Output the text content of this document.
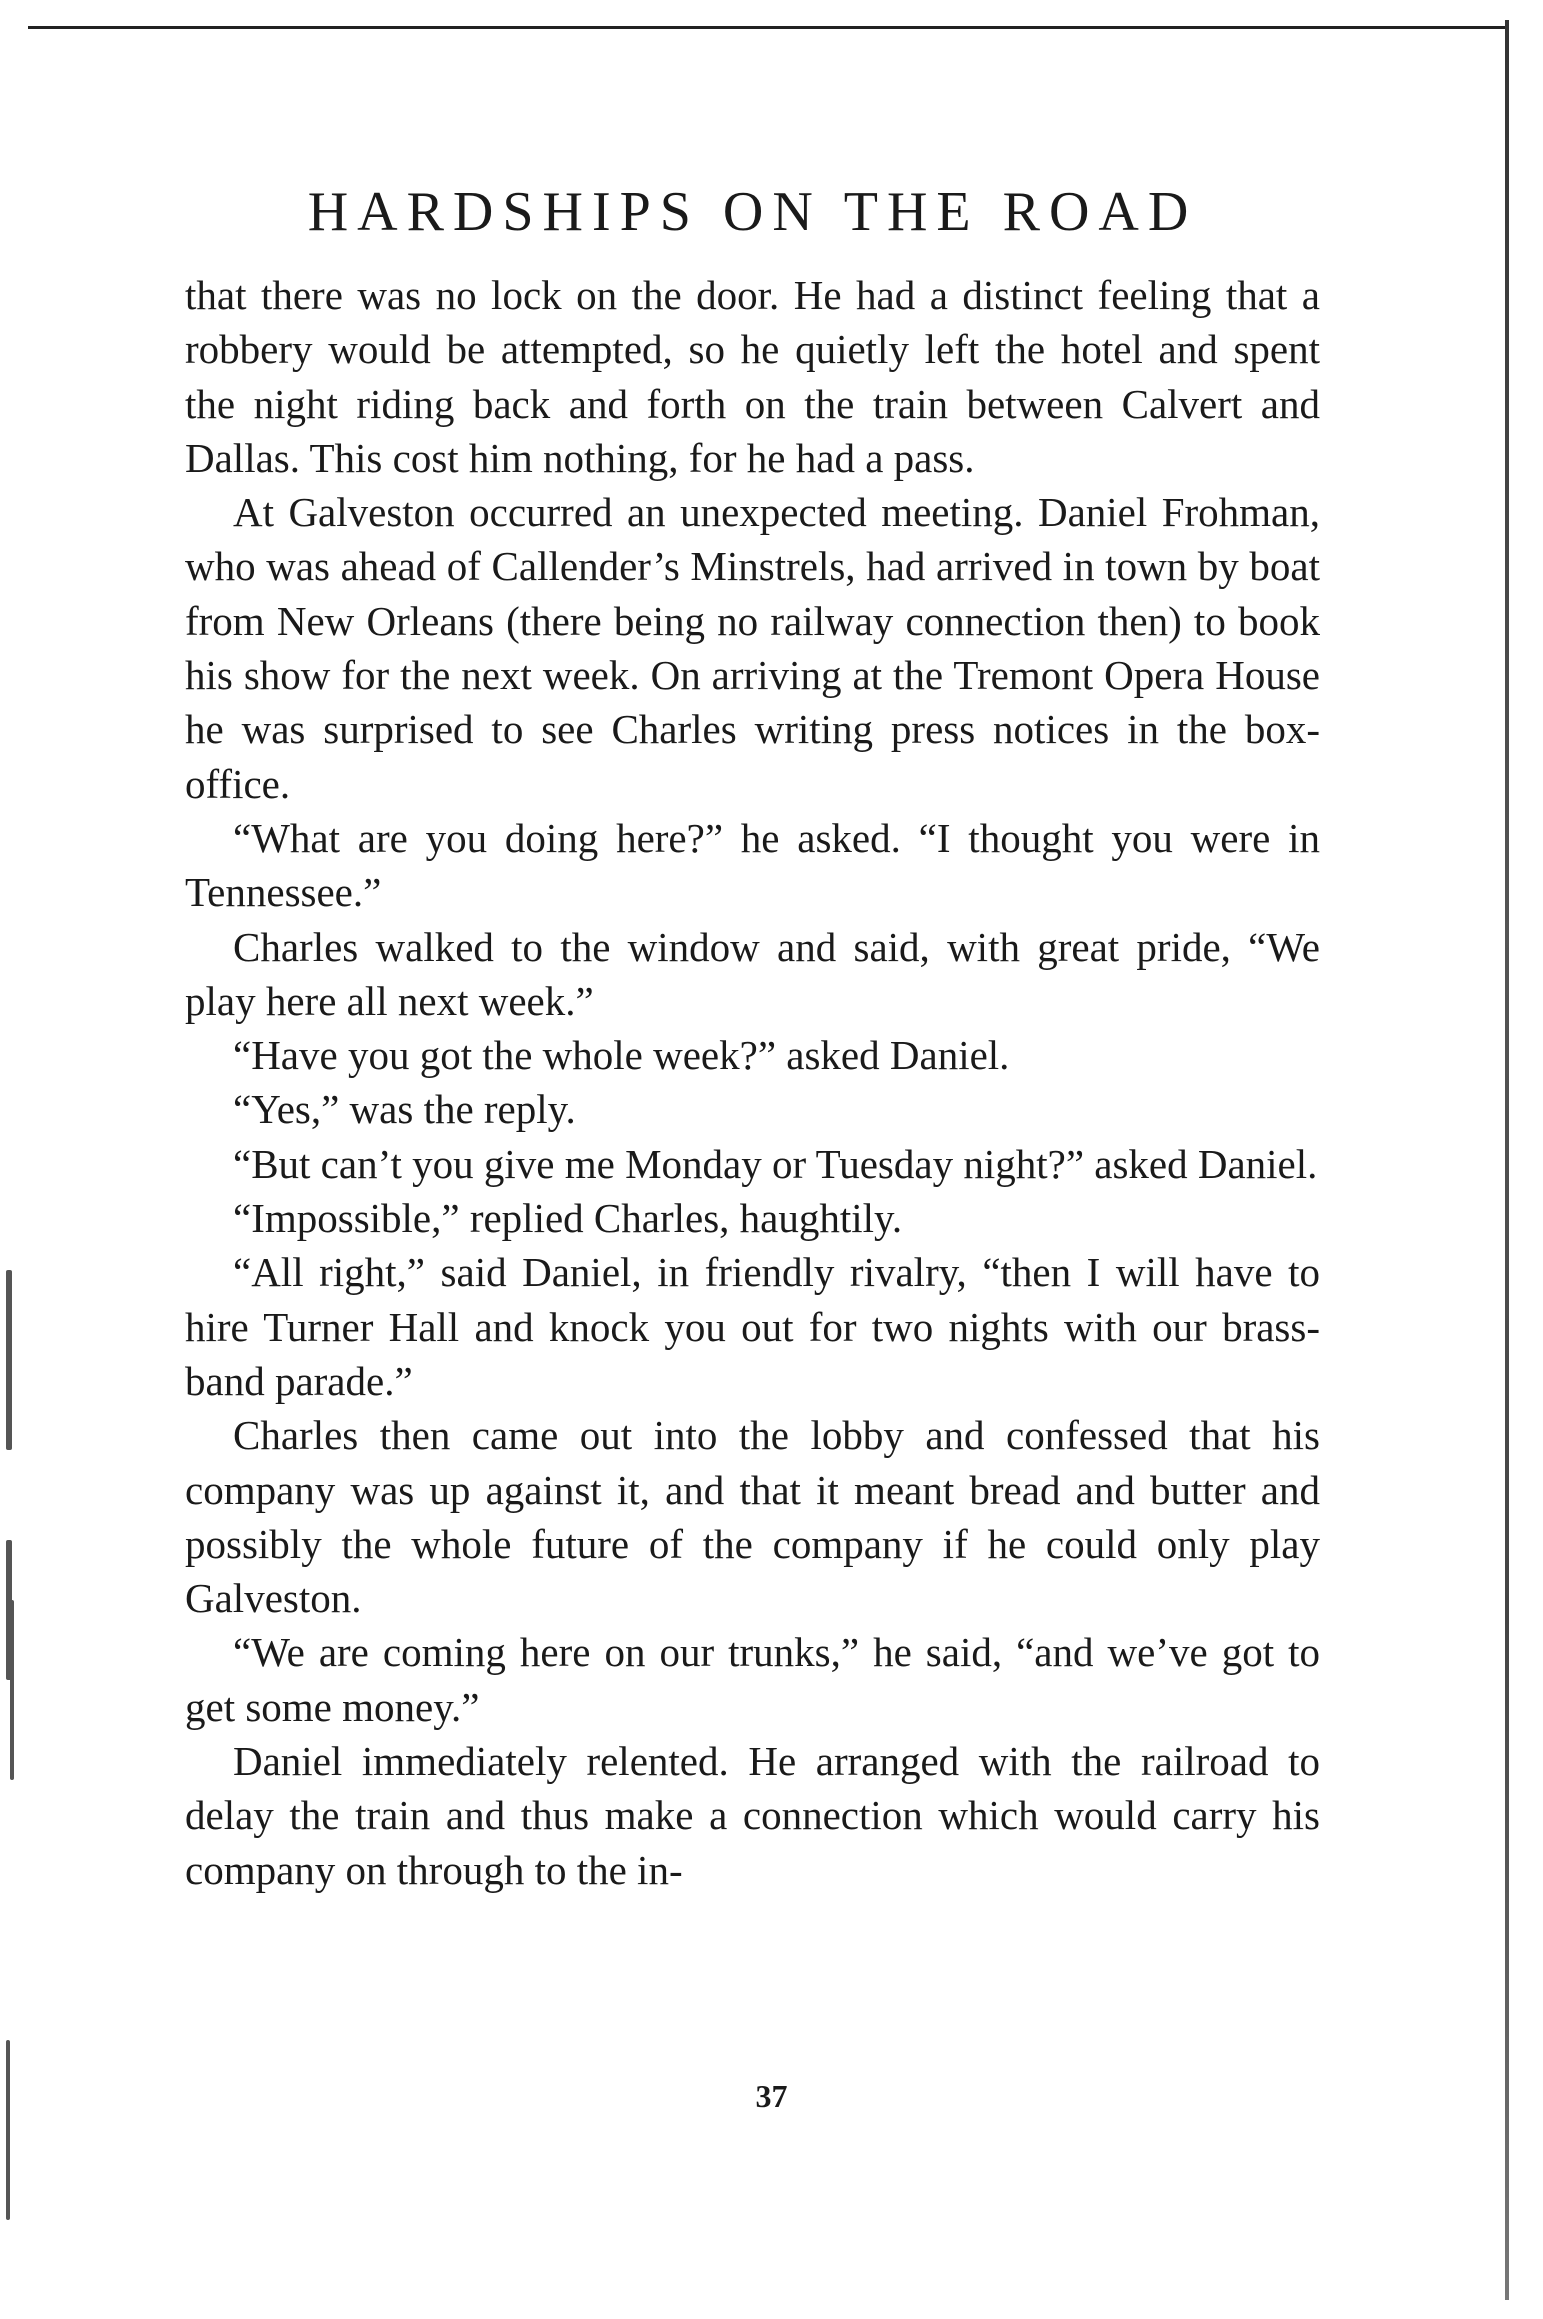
HARDSHIPS ON THE ROAD

that there was no lock on the door. He had a distinct feeling that a robbery would be attempted, so he quietly left the hotel and spent the night riding back and forth on the train between Calvert and Dallas. This cost him nothing, for he had a pass.

At Galveston occurred an unexpected meeting. Daniel Frohman, who was ahead of Callender’s Minstrels, had arrived in town by boat from New Orleans (there being no railway connection then) to book his show for the next week. On arriving at the Tremont Opera House he was surprised to see Charles writing press notices in the box-office.

“What are you doing here?” he asked. “I thought you were in Tennessee.”

Charles walked to the window and said, with great pride, “We play here all next week.”

“Have you got the whole week?” asked Daniel.

“Yes,” was the reply.

“But can’t you give me Monday or Tuesday night?” asked Daniel.

“Impossible,” replied Charles, haughtily.

“All right,” said Daniel, in friendly rivalry, “then I will have to hire Turner Hall and knock you out for two nights with our brass-band parade.”

Charles then came out into the lobby and confessed that his company was up against it, and that it meant bread and butter and possibly the whole future of the company if he could only play Galveston.

“We are coming here on our trunks,” he said, “and we’ve got to get some money.”

Daniel immediately relented. He arranged with the railroad to delay the train and thus make a connection which would carry his company on through to the in-

37
